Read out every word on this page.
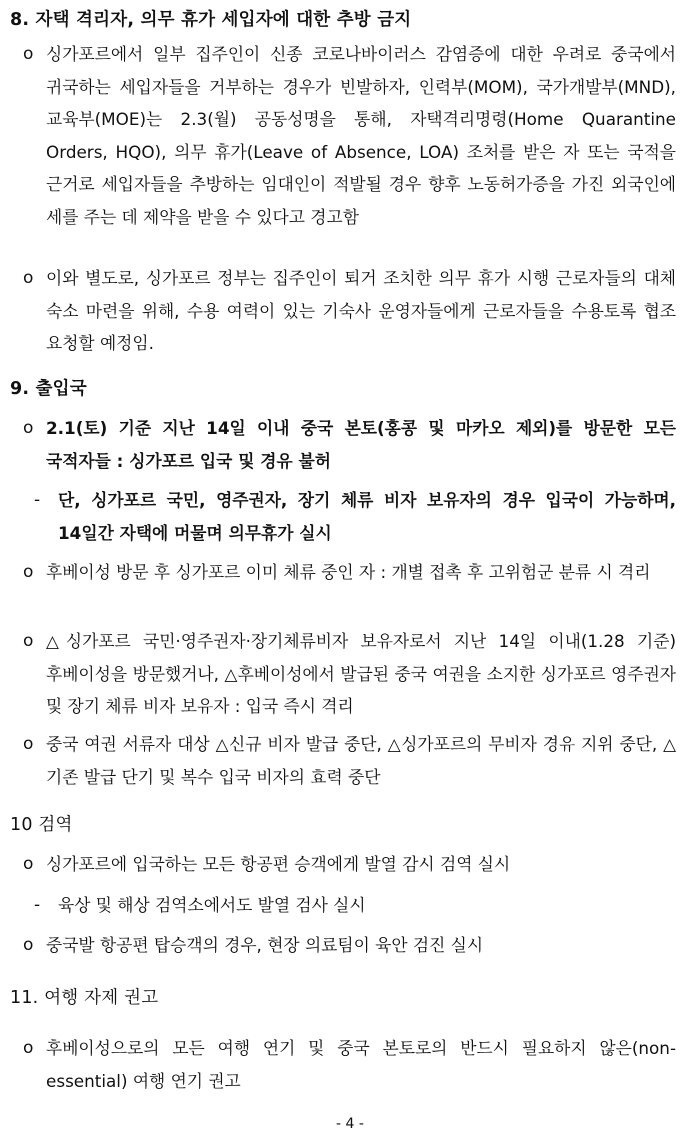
8. 자택 격리자, 의무 휴가 세입자에 대한 추방 금지
o 싱가포르에서 일부 집주인이 신종 코로나바이러스 감염증에 대한 우려로 중국에서 귀국하는 세입자들을 거부하는 경우가 빈발하자, 인력부(MOM), 국가개발부(MND), 교육부(MOE)는 2.3(월) 공동성명을 통해, 자택격리명령(Home Quarantine Orders, HQO), 의무 휴가(Leave of Absence, LOA) 조처를 받은 자 또는 국적을 근거로 세입자들을 추방하는 임대인이 적발될 경우 향후 노동허가증을 가진 외국인에 세를 주는 데 제약을 받을 수 있다고 경고함
o 이와 별도로, 싱가포르 정부는 집주인이 퇴거 조치한 의무 휴가 시행 근로자들의 대체 숙소 마련을 위해, 수용 여력이 있는 기숙사 운영자들에게 근로자들을 수용토록 협조 요청할 예정임.
9. 출입국
o 2.1(토) 기준 지난 14일 이내 중국 본토(홍콩 및 마카오 제외)를 방문한 모든 국적자들 : 싱가포르 입국 및 경유 불허
-	단, 싱가포르 국민, 영주권자, 장기 체류 비자 보유자의 경우 입국이 가능하며, 14일간 자택에 머물며 의무휴가 실시
o 후베이성 방문 후 싱가포르 이미 체류 중인 자 : 개별 접촉 후 고위험군 분류 시 격리
o △싱가포르 국민·영주권자·장기체류비자 보유자로서 지난 14일 이내(1.28 기준) 후베이성을 방문했거나, △후베이성에서 발급된 중국 여권을 소지한 싱가포르 영주권자 및 장기 체류 비자 보유자 : 입국 즉시 격리
o 중국 여권 서류자 대상 △신규 비자 발급 중단, △싱가포르의 무비자 경유 지위 중단, △기존 발급 단기 및 복수 입국 비자의 효력 중단
10 검역
o 싱가포르에 입국하는 모든 항공편 승객에게 발열 감시 검역 실시
-	육상 및 해상 검역소에서도 발열 검사 실시
o 중국발 항공편 탑승객의 경우, 현장 의료팀이 육안 검진 실시
11. 여행 자제 권고
o 후베이성으로의 모든 여행 연기 및 중국 본토로의 반드시 필요하지 않은(non-essential) 여행 연기 권고
- 4 -
